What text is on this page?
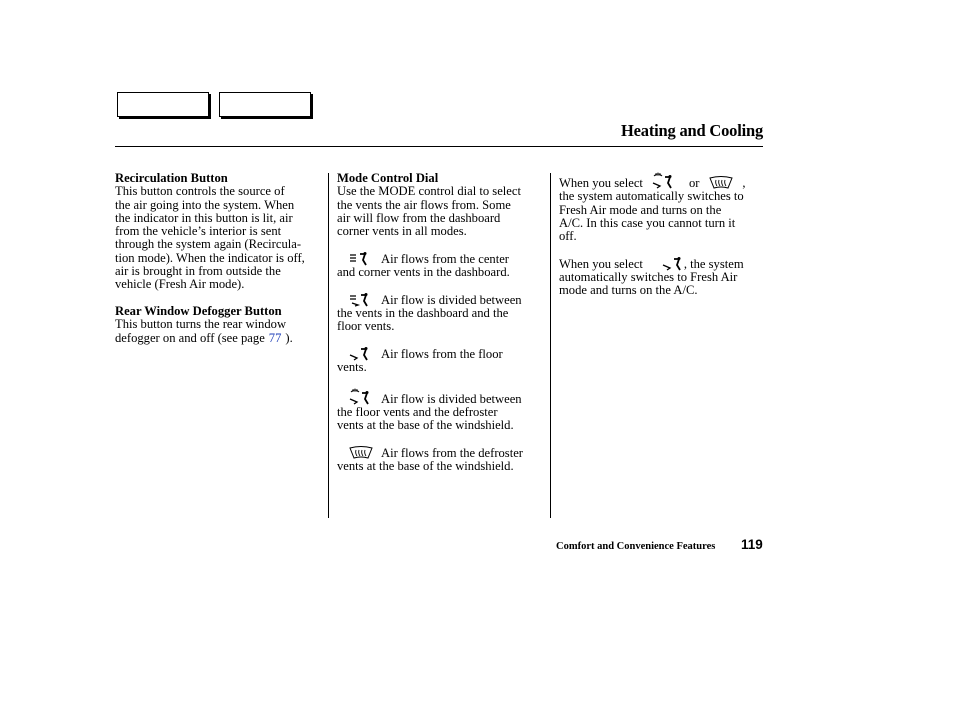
Heating and Cooling

Recirculation Button

This button controls the source of

the air going into the system. When

the indicator in this button is lit, air

from the vehicle’s interior is sent

through the system again (Recircula-

tion mode). When the indicator is off,

air is brought in from outside the

vehicle (Fresh Air mode).

Rear Window Defogger Button

This button turns the rear window

defogger on and off (see page 77 ).

Mode Control Dial

Use the MODE control dial to select

the vents the air flows from. Some

air will flow from the dashboard

corner vents in all modes.

Air flows from the center

and corner vents in the dashboard.

Air flow is divided between

the vents in the dashboard and the

floor vents.

Air flows from the floor

vents.

Air flow is divided between

the floor vents and the defroster

vents at the base of the windshield.

Air flows from the defroster

vents at the base of the windshield.

When you select	or	,

the system automatically switches to

Fresh Air mode and turns on the

A/C. In this case you cannot turn it

off.

When you select	, the system

automatically switches to Fresh Air

mode and turns on the A/C.

Comfort and Convenience Features 119
